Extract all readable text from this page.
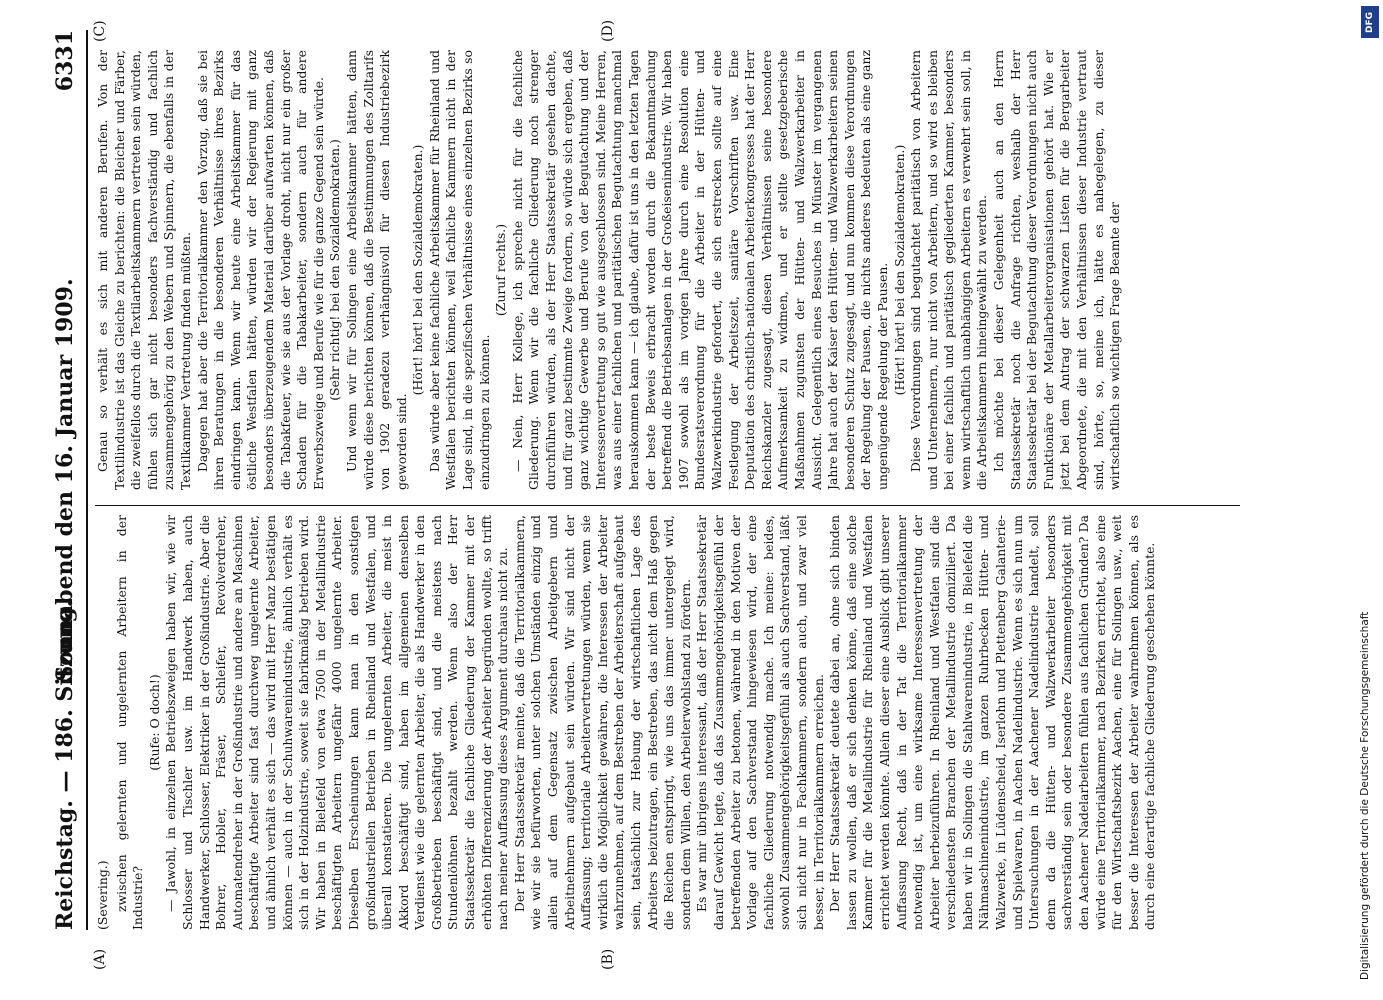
Reichstag. — 186. Sitzung.
Sonnabend den 16. Januar 1909.
6331
(A)	(B)
(C)	(D)

(Severing.) zwischen gelernten und ungelernten Arbeitern in der Industrie?

(Rufe: O doch!) — Jawohl, in einzelnen Betriebszweigen haben wir, wie wir Schlosser und Tischler usw. im Handwerk haben, auch Handwerker, Schlosser, Elektriker in der Großindustrie. Aber die Bohrer, Hobler, Fräser, Schleifer, Revolverdreher, Automatendreher in der Großindustrie und andere an Maschinen beschäftigte Arbeiter sind fast durchweg ungelernte Arbeiter, und ähnlich verhält es sich — das wird mit Herr Manz bestätigen können — auch in der Schuhwarenindustrie, ähnlich verhält es sich in der Holzindustrie, soweit sie fabrikmäßig betrieben wird. Wir haben in Bielefeld von etwa 7500 in der Metallindustrie beschäftigten Arbeitern ungefähr 4000 ungelernte Arbeiter. Dieselben Erscheinungen kann man in den sonstigen großindustriellen Betrieben in Rheinland und Westfalen, und überall konstatieren. Die ungelernten Arbeiter, die meist in Akkord beschäftigt sind, haben im allgemeinen denselben Verdienst wie die gelernten Arbeiter, die als Handwerker in den Großbetrieben beschäftigt sind, und die meistens nach Stundenlöhnen bezahlt werden. Wenn also der Herr Staatssekretär die fachliche Gliederung der Kammer mit der erhöhten Differenzierung der Arbeiter begründen wollte, so trifft nach meiner Auffassung dieses Argument durchaus nicht zu. Der Herr Staatssekretär meinte, daß die Territorialkammern, wie wir sie befürworten, unter solchen Umständen einzig und allein auf dem Gegensatz zwischen Arbeitgebern und Arbeitnehmern aufgebaut sein würden. Wir sind nicht der Auffassung; territoriale Arbeitervertretungen würden, wenn sie wirklich die Möglichkeit gewähren, die Interessen der Arbeiter wahrzunehmen, auf dem Bestreben der Arbeiterschaft aufgebaut sein, tatsächlich zur Hebung der wirtschaftlichen Lage des Arbeiters beizutragen, ein Bestreben, das nicht dem Haß gegen die Reichen entspringt, wie uns das immer untergelegt wird, sondern dem Willen, den Arbeiterwohlstand zu fördern. Es war mir übrigens interessant, daß der Herr Staatssekretär darauf Gewicht legte, daß das Zusammengehörigkeitsgefühl der betreffenden Arbeiter zu betonen, während in den Motiven der Vorlage auf den Sachverstand hingewiesen wird, der eine fachliche Gliederung notwendig mache. Ich meine: beides, sowohl Zusammengehörigkeitsgefühl als auch Sachverstand, läßt sich nicht nur in Fachkammern, sondern auch, und zwar viel besser, in Territorialkammern erreichen. Der Herr Staatssekretär deutete dabei an, ohne sich binden lassen zu wollen, daß er sich denken könne, daß eine solche Kammer für die Metallindustrie für Rheinland und Westfalen errichtet werden könnte. Allein dieser eine Ausblick gibt unserer Auffassung Recht, daß in der Tat die Territorialkammer notwendig ist, um eine wirksame Interessenvertretung der Arbeiter herbeizuführen. In Rheinland und Westfalen sind die verschiedensten Branchen der Metallindustrie domiziliert. Da haben wir in Solingen die Stahlwarenindustrie, in Bielefeld die Nähmaschinenindustrie, im ganzen Ruhrbecken Hütten- und Walzwerke, in Lüdenscheid, Iserlohn und Plettenberg Galanterie- und Spielwaren, in Aachen Nadelindustrie. Wenn es sich nun um Untersuchungen in der Aachener Nadelindustrie handelt, soll denn da die Hütten- und Walzwerkarbeiter besonders sachverständig sein oder besondere Zusammengehörigkeit mit den Aachener Nadelarbeitern fühlen aus fachlichen Gründen? Da würde eine Territorialkammer, nach Bezirken errichtet, also eine für den Wirtschaftsbezirk Aachen, eine für Solingen usw., weit besser die Interessen der Arbeiter wahrnehmen können, als es durch eine derartige fachliche Gliederung geschehen könnte.

Genau so verhält es sich mit anderen Berufen. Von der Textilindustrie ist das Gleiche zu berichten: die Bleicher und Färber, die zweifellos durch die Textilarbeitskammern vertreten sein würden, fühlen sich gar nicht besonders fachverständig und fachlich zusammengehörig zu den Webern und Spinnern, die ebenfalls in der Textilkammer Vertretung finden müßten. Dagegen hat aber die Territorialkammer den Vorzug, daß sie bei ihren Beratungen in die besonderen Verhältnisse ihres Bezirks eindringen kann. Wenn wir heute eine Arbeitskammer für das östliche Westfalen hätten, würden wir der Regierung mit ganz besonders überzeugendem Material darüber aufwarten können, daß die Tabakfeuer, wie sie aus der Vorlage droht, nicht nur ein großer Schaden für die Tabakarbeiter, sondern auch für andere Erwerbszweige und Berufe wie für die ganze Gegend sein würde. (Sehr richtig! bei den Sozialdemokraten.) Und wenn wir für Solingen eine Arbeitskammer hätten, dann würde diese berichten können, daß die Bestimmungen des Zolltarifs von 1902 geradezu verhängnisvoll für diesen Industriebezirk geworden sind.

(Hört! hört! bei den Sozialdemokraten.) Das würde aber keine fachliche Arbeitskammer für Rheinland und Westfalen berichten können, weil fachliche Kammern nicht in der Lage sind, in die spezifischen Verhältnisse eines einzelnen Bezirks so einzudringen zu können.

(Zuruf rechts.) — Nein, Herr Kollege, ich spreche nicht für die fachliche Gliederung. Wenn wir die fachliche Gliederung noch strenger durchführen würden, als der Herr Staatssekretär gesehen dachte, und für ganz bestimmte Zweige fordern, so würde sich ergeben, daß ganz wichtige Gewerbe und Berufe von der Begutachtung und der Interessenvertretung so gut wie ausgeschlossen sind. Meine Herren, was aus einer fachlichen und paritätischen Begutachtung manchmal herauskommen kann — ich glaube, dafür ist uns in den letzten Tagen der beste Beweis erbracht worden durch die Bekanntmachung betreffend die Betriebsanlagen in der Großeisenindustrie. Wir haben 1907 sowohl als im vorigen Jahre durch eine Resolution eine Bundesratsverordnung für die Arbeiter in der Hütten- und Walzwerkindustrie gefordert, die sich erstrecken sollte auf eine Festlegung der Arbeitszeit, sanitäre Vorschriften usw. Eine Deputation des christlich-nationalen Arbeiterkongresses hat der Herr Reichskanzler zugesagt, diesen Verhältnissen seine besondere Aufmerksamkeit zu widmen, und er stellte gesetzgeberische Maßnahmen zugunsten der Hütten- und Walzwerkarbeiter in Aussicht. Gelegentlich eines Besuches in Münster im vergangenen Jahre hat auch der Kaiser den Hütten- und Walzwerkarbeitern seinen besonderen Schutz zugesagt, und nun kommen diese Verordnungen der Regelung der Pausen, die nichts anderes bedeuten als eine ganz ungenügende Regelung der Pausen. (Hört! hört! bei den Sozialdemokraten.) Diese Verordnungen sind begutachtet paritätisch von Arbeitern und Unternehmern, nur nicht von Arbeitern, und so wird es bleiben bei einer fachlich und paritätisch gegliederten Kammer, besonders wenn wirtschaftlich unabhängigen Arbeitern es verwehrt sein soll, in die Arbeitskammern hineingewählt zu werden. Ich möchte bei dieser Gelegenheit auch an den Herrn Staatssekretär noch die Anfrage richten, weshalb der Herr Staatssekretär bei der Begutachtung dieser Verordnungen nicht auch Funktionäre der Metallarbeiterorganisationen gehört hat. Wie er jetzt bei dem Antrag der schwarzen Listen für die Bergarbeiter Abgeordnete, die mit den Verhältnissen dieser Industrie vertraut sind, hörte, so, meine ich, hätte es nahegelegen, zu dieser wirtschaftlich so wichtigen Frage Beamte der

DFG
Digitalisierung gefördert durch die Deutsche Forschungsgemeinschaft
